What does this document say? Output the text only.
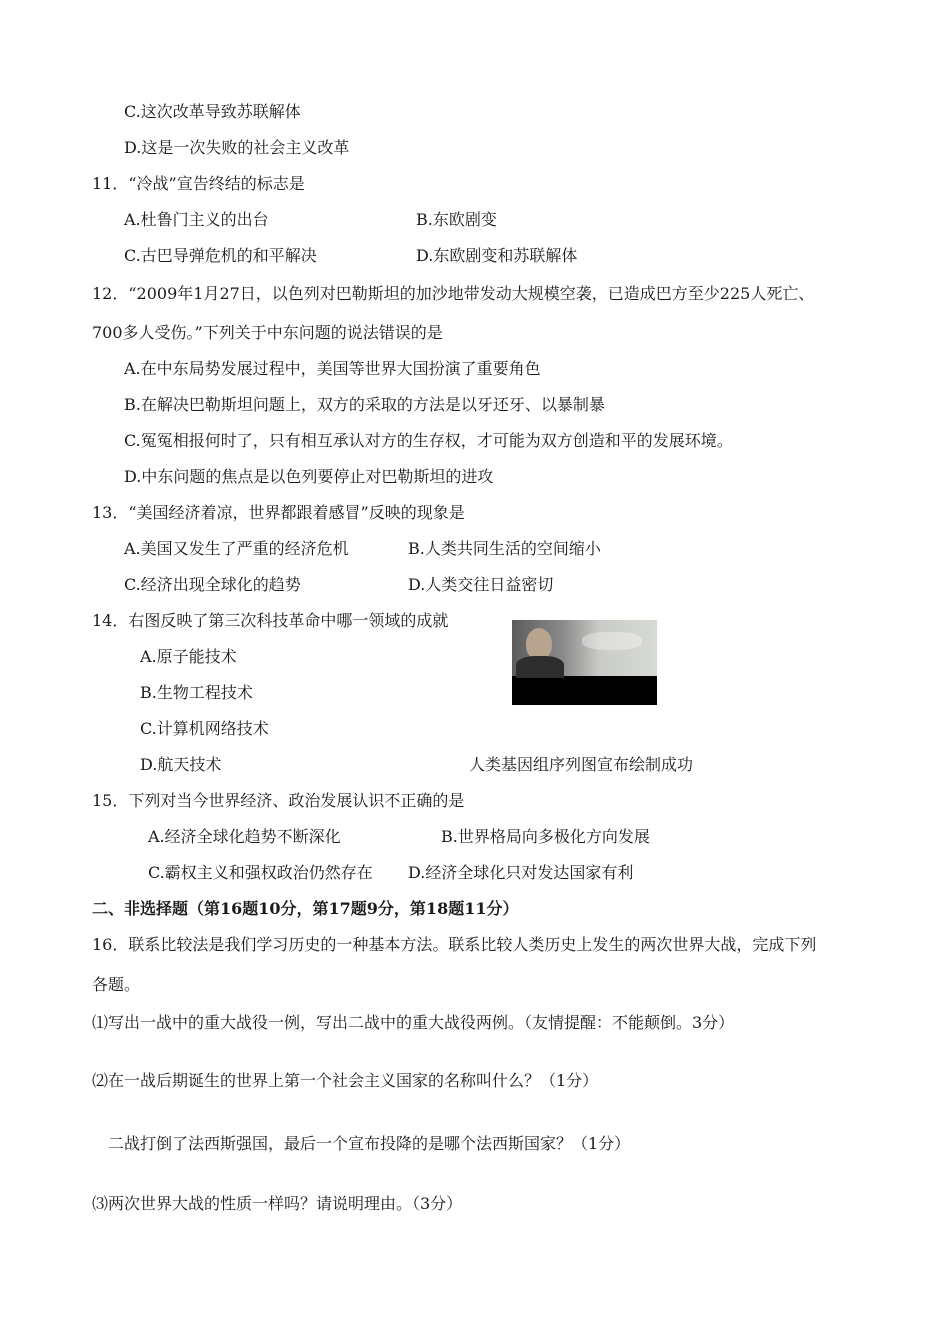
C.这次改革导致苏联解体
D.这是一次失败的社会主义改革
11．“冷战”宣告终结的标志是
A.杜鲁门主义的出台	B.东欧剧变
C.古巴导弹危机的和平解决	D.东欧剧变和苏联解体
12．“2009年1月27日，以色列对巴勒斯坦的加沙地带发动大规模空袭，已造成巴方至少225人死亡、
700多人受伤。”下列关于中东问题的说法错误的是
A.在中东局势发展过程中，美国等世界大国扮演了重要角色
B.在解决巴勒斯坦问题上，双方的采取的方法是以牙还牙、以暴制暴
C.冤冤相报何时了，只有相互承认对方的生存权，才可能为双方创造和平的发展环境。
D.中东问题的焦点是以色列要停止对巴勒斯坦的进攻
13．“美国经济着凉，世界都跟着感冒”反映的现象是
A.美国又发生了严重的经济危机	B.人类共同生活的空间缩小
C.经济出现全球化的趋势	D.人类交往日益密切
14．右图反映了第三次科技革命中哪一领域的成就
A.原子能技术
B.生物工程技术
C.计算机网络技术
D.航天技术	人类基因组序列图宣布绘制成功
15．下列对当今世界经济、政治发展认识不正确的是
A.经济全球化趋势不断深化	B.世界格局向多极化方向发展
C.霸权主义和强权政治仍然存在 D.经济全球化只对发达国家有利
二、非选择题（第16题10分，第17题9分，第18题11分）
16．联系比较法是我们学习历史的一种基本方法。联系比较人类历史上发生的两次世界大战，完成下列
各题。
⑴写出一战中的重大战役一例，写出二战中的重大战役两例。（友情提醒：不能颠倒。3分）
⑵在一战后期诞生的世界上第一个社会主义国家的名称叫什么？（1分）
二战打倒了法西斯强国，最后一个宣布投降的是哪个法西斯国家？（1分）
⑶两次世界大战的性质一样吗？请说明理由。（3分）
